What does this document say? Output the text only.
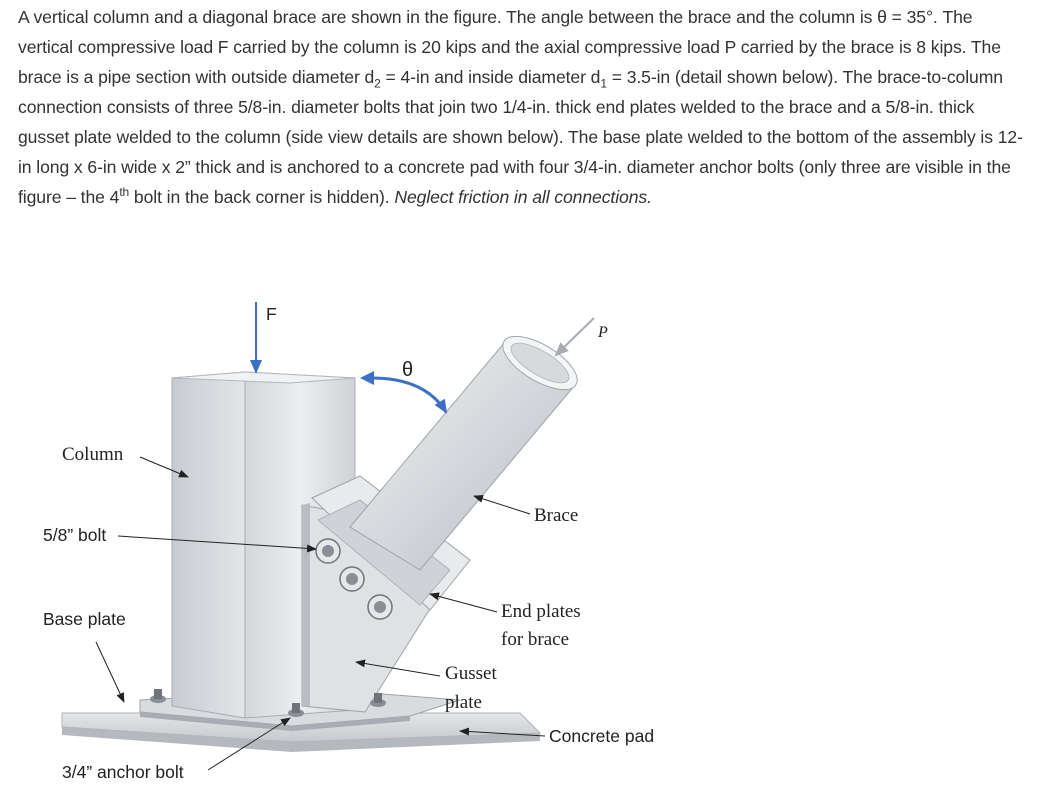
A vertical column and a diagonal brace are shown in the figure. The angle between the brace and the column is θ = 35°. The vertical compressive load F carried by the column is 20 kips and the axial compressive load P carried by the brace is 8 kips. The brace is a pipe section with outside diameter $d_2 = 4-in$ and inside diameter $d_1 = 3.5-in$ (detail shown below). The brace-to-column connection consists of three 5/8-in. diameter bolts that join two 1/4-in. thick end plates welded to the brace and a 5/8-in. thick gusset plate welded to the column (side view details are shown below). The base plate welded to the bottom of the assembly is 12-in long x 6-in wide x 2” thick and is anchored to a concrete pad with four 3/4-in. diameter anchor bolts (only three are visible in the figure – the 4th bolt in the back corner is hidden). Neglect friction in all connections.

F
θ
P
Column
5/8” bolt
Base plate
3/4” anchor bolt
Brace
End plates
for brace
Gusset
plate
Concrete pad
